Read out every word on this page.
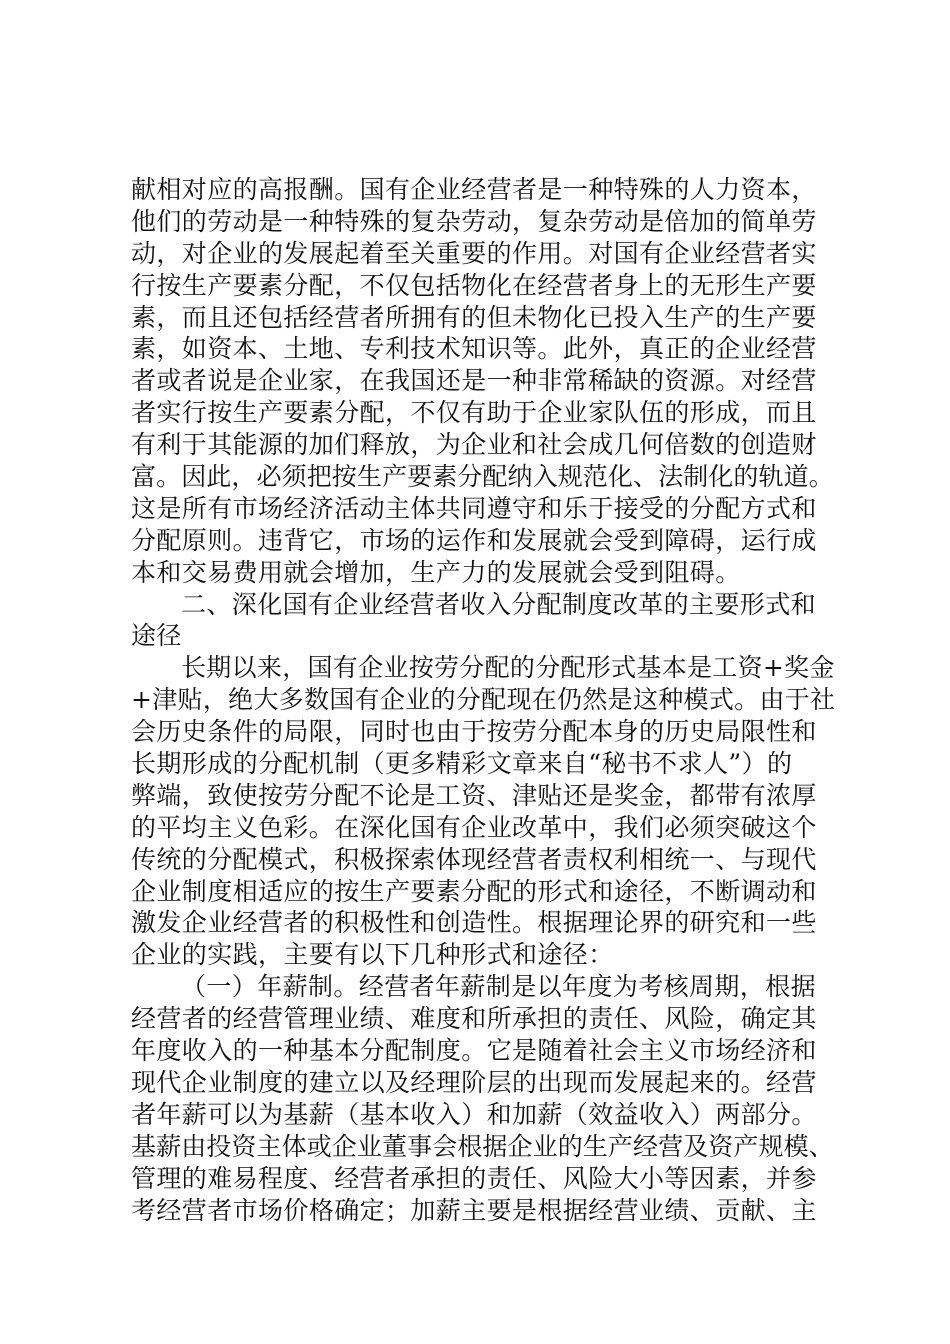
献相对应的高报酬。国有企业经营者是一种特殊的人力资本，
他们的劳动是一种特殊的复杂劳动，复杂劳动是倍加的简单劳
动，对企业的发展起着至关重要的作用。对国有企业经营者实
行按生产要素分配，不仅包括物化在经营者身上的无形生产要
素，而且还包括经营者所拥有的但未物化已投入生产的生产要
素，如资本、土地、专利技术知识等。此外，真正的企业经营
者或者说是企业家，在我国还是一种非常稀缺的资源。对经营
者实行按生产要素分配，不仅有助于企业家队伍的形成，而且
有利于其能源的加们释放，为企业和社会成几何倍数的创造财
富。因此，必须把按生产要素分配纳入规范化、法制化的轨道。
这是所有市场经济活动主体共同遵守和乐于接受的分配方式和
分配原则。违背它，市场的运作和发展就会受到障碍，运行成
本和交易费用就会增加，生产力的发展就会受到阻碍。
二、深化国有企业经营者收入分配制度改革的主要形式和
途径
长期以来，国有企业按劳分配的分配形式基本是工资+奖金
+津贴，绝大多数国有企业的分配现在仍然是这种模式。由于社
会历史条件的局限，同时也由于按劳分配本身的历史局限性和
长期形成的分配机制（更多精彩文章来自“秘书不求人”）的
弊端，致使按劳分配不论是工资、津贴还是奖金，都带有浓厚
的平均主义色彩。在深化国有企业改革中，我们必须突破这个
传统的分配模式，积极探索体现经营者责权利相统一、与现代
企业制度相适应的按生产要素分配的形式和途径，不断调动和
激发企业经营者的积极性和创造性。根据理论界的研究和一些
企业的实践，主要有以下几种形式和途径：
（一）年薪制。经营者年薪制是以年度为考核周期，根据
经营者的经营管理业绩、难度和所承担的责任、风险，确定其
年度收入的一种基本分配制度。它是随着社会主义市场经济和
现代企业制度的建立以及经理阶层的出现而发展起来的。经营
者年薪可以为基薪（基本收入）和加薪（效益收入）两部分。
基薪由投资主体或企业董事会根据企业的生产经营及资产规模、
管理的难易程度、经营者承担的责任、风险大小等因素，并参
考经营者市场价格确定；加薪主要是根据经营业绩、贡献、主
